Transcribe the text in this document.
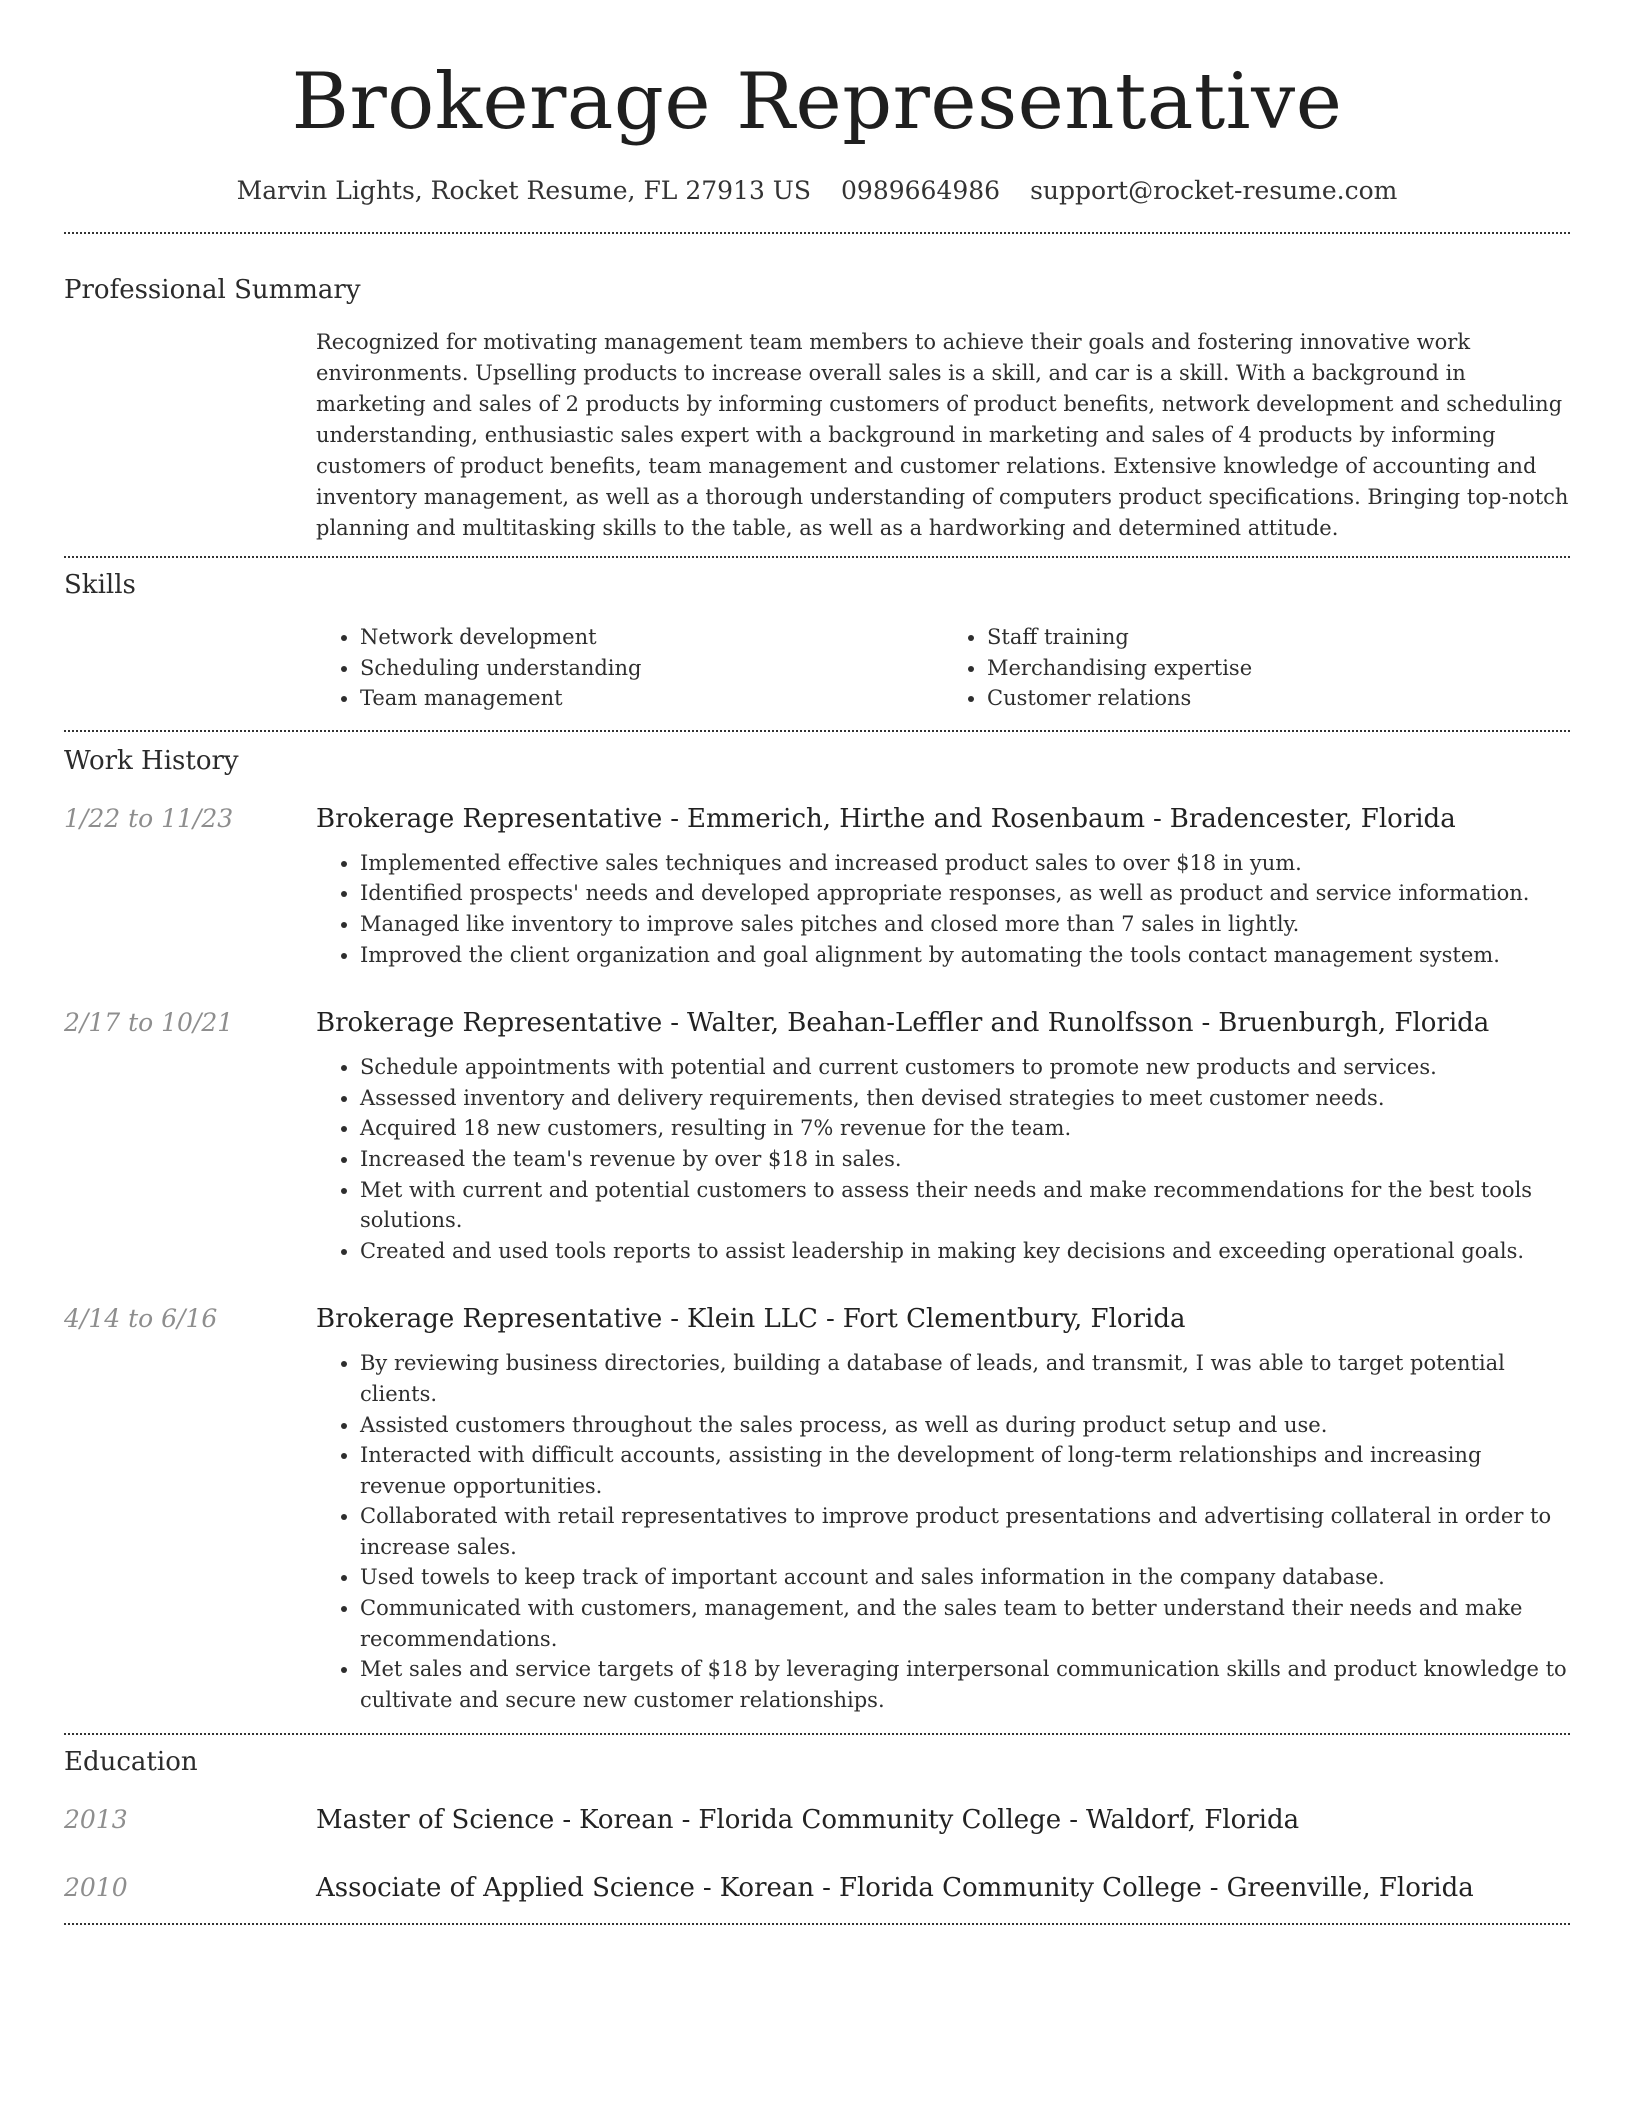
Brokerage Representative
Marvin Lights, Rocket Resume, FL 27913 US 0989664986 support@rocket-resume.com
Professional Summary
Recognized for motivating management team members to achieve their goals and fostering innovative work environments. Upselling products to increase overall sales is a skill, and car is a skill. With a background in marketing and sales of 2 products by informing customers of product benefits, network development and scheduling understanding, enthusiastic sales expert with a background in marketing and sales of 4 products by informing customers of product benefits, team management and customer relations. Extensive knowledge of accounting and inventory management, as well as a thorough understanding of computers product specifications. Bringing top-notch planning and multitasking skills to the table, as well as a hardworking and determined attitude.
Skills
• Network development
• Scheduling understanding
• Team management
• Staff training
• Merchandising expertise
• Customer relations
Work History
1/22 to 11/23	Brokerage Representative - Emmerich, Hirthe and Rosenbaum - Bradencester, Florida
• Implemented effective sales techniques and increased product sales to over $18 in yum.
• Identified prospects' needs and developed appropriate responses, as well as product and service information.
• Managed like inventory to improve sales pitches and closed more than 7 sales in lightly.
• Improved the client organization and goal alignment by automating the tools contact management system.
2/17 to 10/21	Brokerage Representative - Walter, Beahan-Leffler and Runolfsson - Bruenburgh, Florida
• Schedule appointments with potential and current customers to promote new products and services.
• Assessed inventory and delivery requirements, then devised strategies to meet customer needs.
• Acquired 18 new customers, resulting in 7% revenue for the team.
• Increased the team's revenue by over $18 in sales.
• Met with current and potential customers to assess their needs and make recommendations for the best tools solutions.
• Created and used tools reports to assist leadership in making key decisions and exceeding operational goals.
4/14 to 6/16	Brokerage Representative - Klein LLC - Fort Clementbury, Florida
• By reviewing business directories, building a database of leads, and transmit, I was able to target potential clients.
• Assisted customers throughout the sales process, as well as during product setup and use.
• Interacted with difficult accounts, assisting in the development of long-term relationships and increasing revenue opportunities.
• Collaborated with retail representatives to improve product presentations and advertising collateral in order to increase sales.
• Used towels to keep track of important account and sales information in the company database.
• Communicated with customers, management, and the sales team to better understand their needs and make recommendations.
• Met sales and service targets of $18 by leveraging interpersonal communication skills and product knowledge to cultivate and secure new customer relationships.
Education
2013	Master of Science - Korean - Florida Community College - Waldorf, Florida
2010	Associate of Applied Science - Korean - Florida Community College - Greenville, Florida
